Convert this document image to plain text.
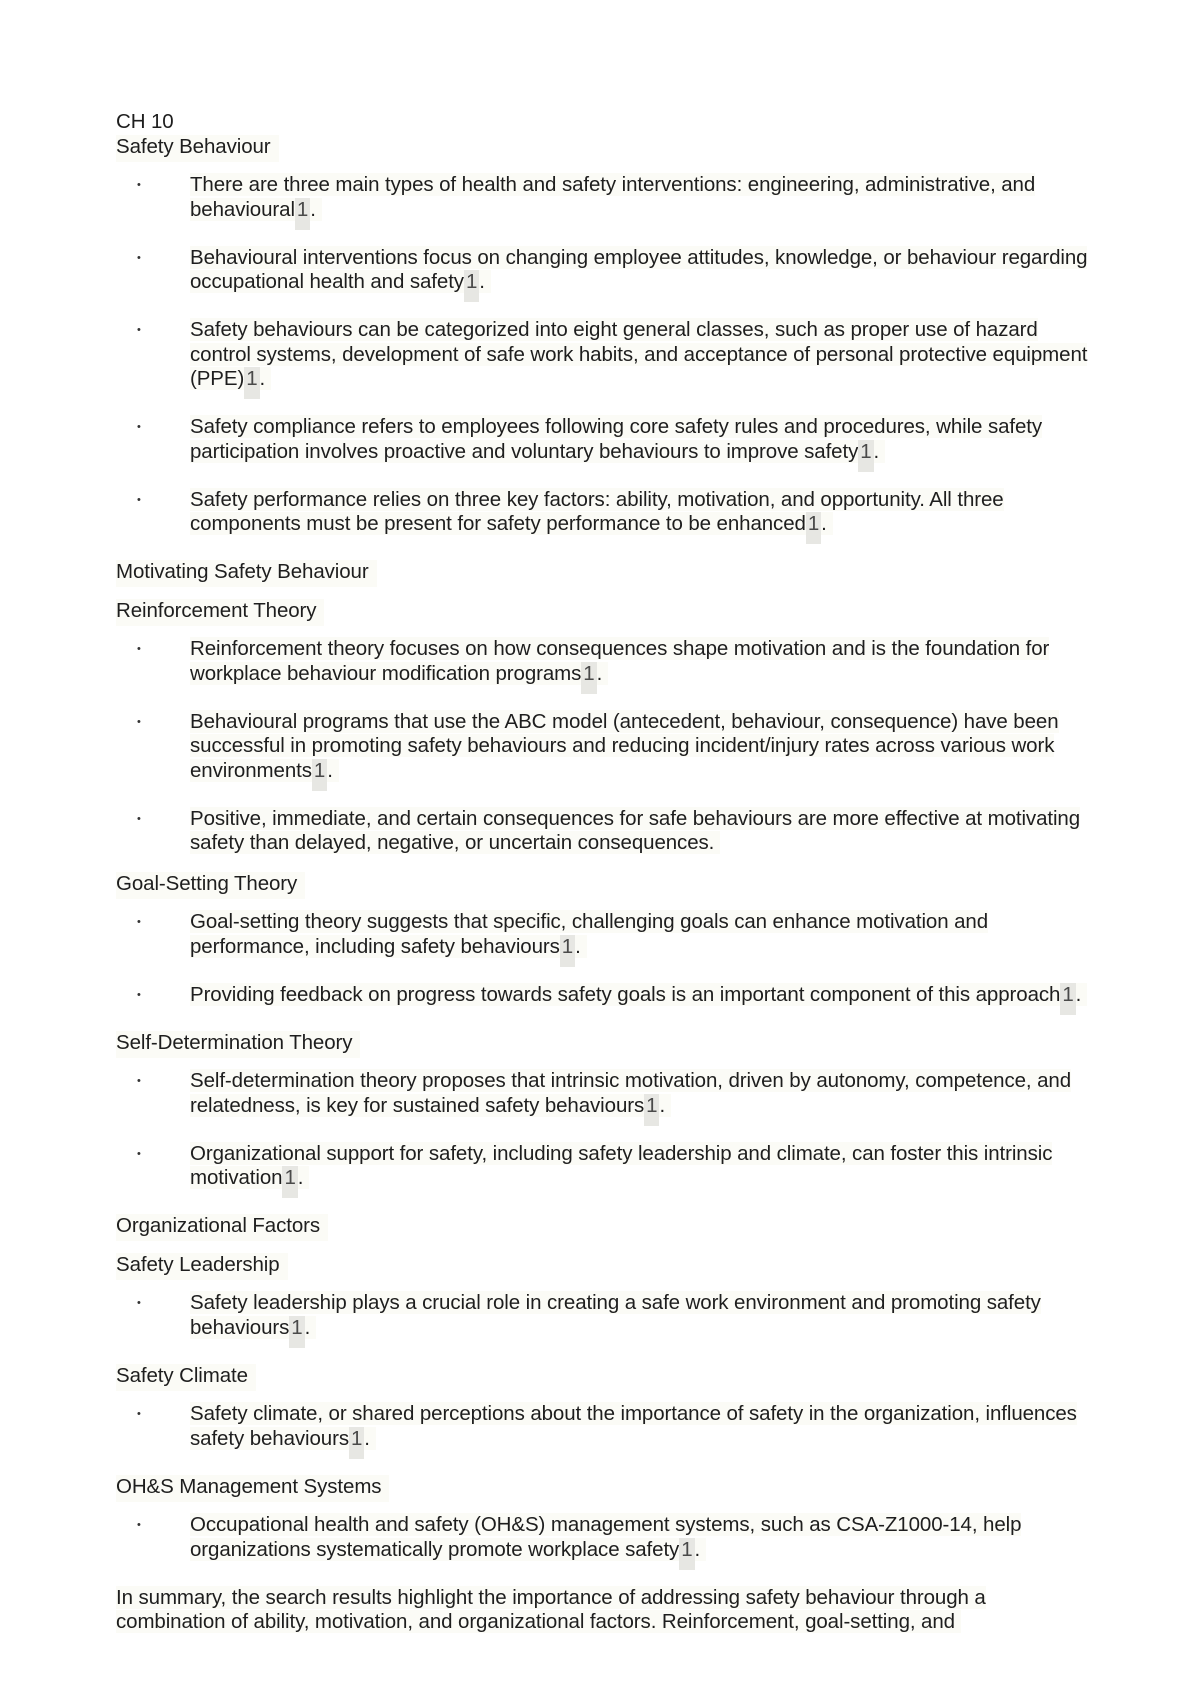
CH 10
Safety Behaviour
• There are three main types of health and safety interventions: engineering, administrative, and behavioural1.
• Behavioural interventions focus on changing employee attitudes, knowledge, or behaviour regarding occupational health and safety1.
• Safety behaviours can be categorized into eight general classes, such as proper use of hazard control systems, development of safe work habits, and acceptance of personal protective equipment (PPE)1.
• Safety compliance refers to employees following core safety rules and procedures, while safety participation involves proactive and voluntary behaviours to improve safety1.
• Safety performance relies on three key factors: ability, motivation, and opportunity. All three components must be present for safety performance to be enhanced1.
Motivating Safety Behaviour
Reinforcement Theory
• Reinforcement theory focuses on how consequences shape motivation and is the foundation for workplace behaviour modification programs1.
• Behavioural programs that use the ABC model (antecedent, behaviour, consequence) have been successful in promoting safety behaviours and reducing incident/injury rates across various work environments1.
• Positive, immediate, and certain consequences for safe behaviours are more effective at motivating safety than delayed, negative, or uncertain consequences.
Goal-Setting Theory
• Goal-setting theory suggests that specific, challenging goals can enhance motivation and performance, including safety behaviours1.
• Providing feedback on progress towards safety goals is an important component of this approach1.
Self-Determination Theory
• Self-determination theory proposes that intrinsic motivation, driven by autonomy, competence, and relatedness, is key for sustained safety behaviours1.
• Organizational support for safety, including safety leadership and climate, can foster this intrinsic motivation1.
Organizational Factors
Safety Leadership
• Safety leadership plays a crucial role in creating a safe work environment and promoting safety behaviours1.
Safety Climate
• Safety climate, or shared perceptions about the importance of safety in the organization, influences safety behaviours1.
OH&S Management Systems
• Occupational health and safety (OH&S) management systems, such as CSA-Z1000-14, help organizations systematically promote workplace safety1.

In summary, the search results highlight the importance of addressing safety behaviour through a combination of ability, motivation, and organizational factors. Reinforcement, goal-setting, and
